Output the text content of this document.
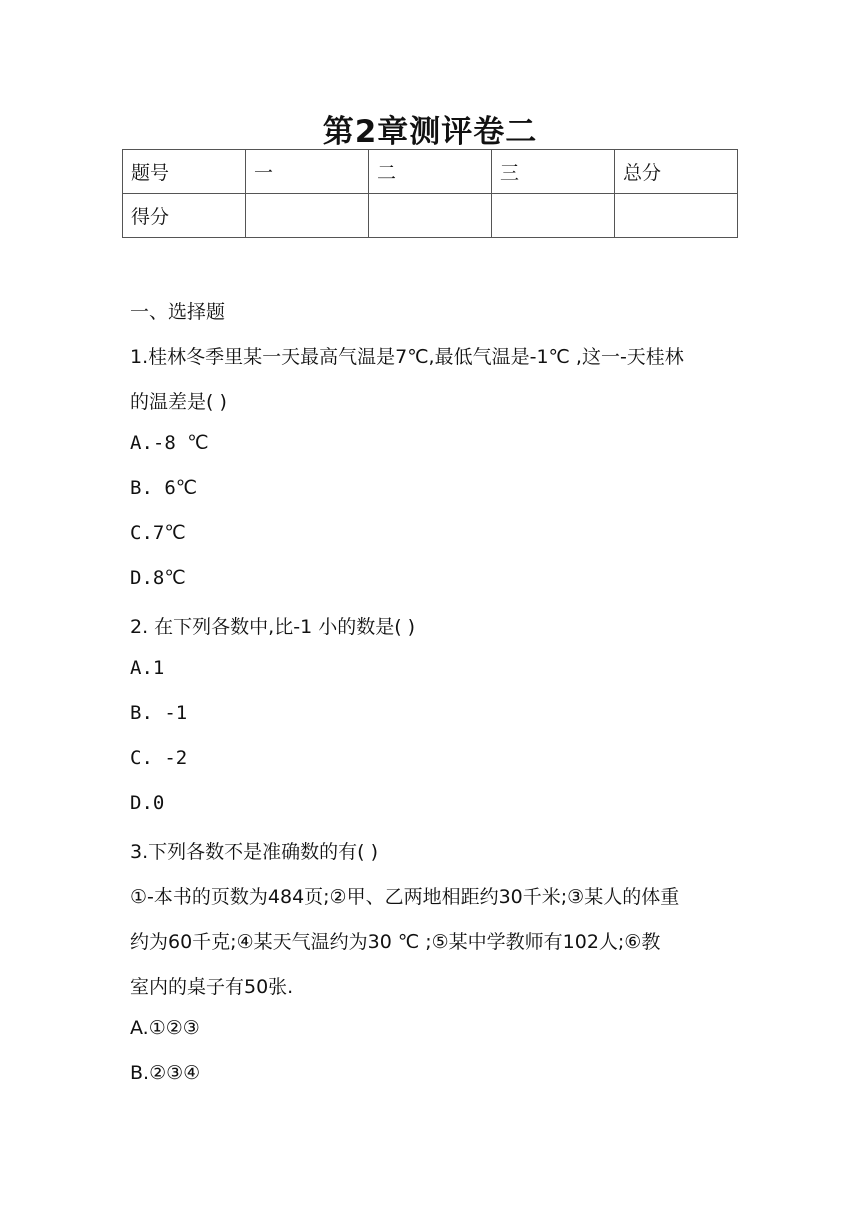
第2章测评卷二
题号	一	二	三	总分
得分				
一、选择题
1.桂林冬季里某一天最高气温是7℃,最低气温是-1℃ ,这一-天桂林
的温差是( )
A.-8 ℃
B. 6℃
C.7℃
D.8℃
2. 在下列各数中,比-1 小的数是( )
A.1
B. -1
C. -2
D.0
3.下列各数不是准确数的有( )
①-本书的页数为484页;②甲、乙两地相距约30千米;③某人的体重
约为60千克;④某天气温约为30 ℃ ;⑤某中学教师有102人;⑥教
室内的桌子有50张.
A.①②③
B.②③④
